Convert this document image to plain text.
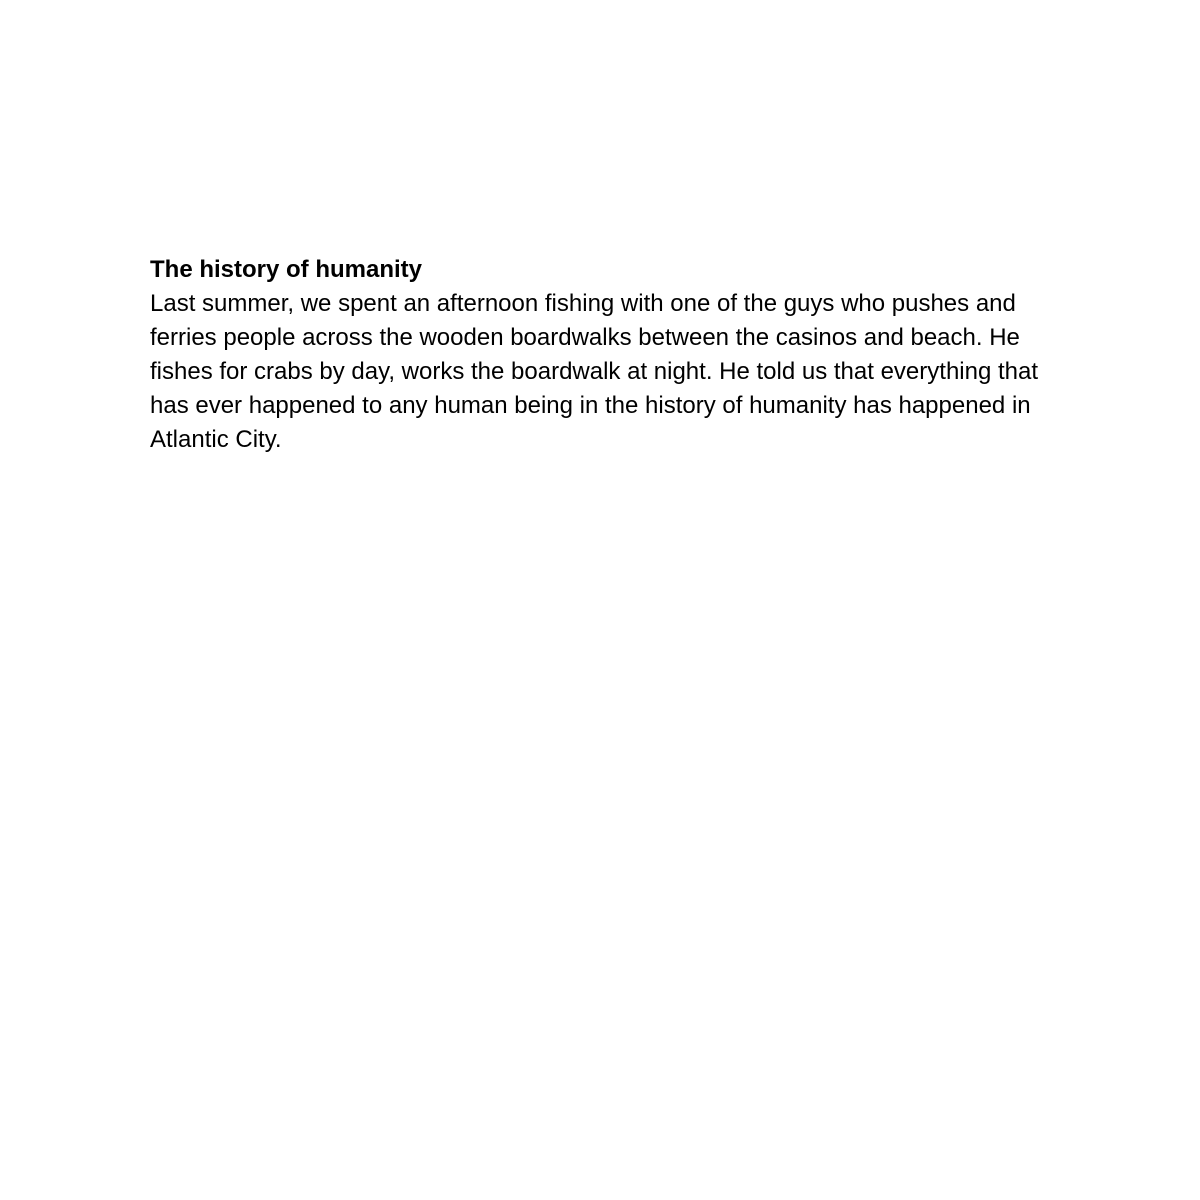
The history of humanity

Last summer, we spent an afternoon fishing with one of the guys who pushes and ferries people across the wooden boardwalks between the casinos and beach. He fishes for crabs by day, works the boardwalk at night. He told us that everything that has ever happened to any human being in the history of humanity has happened in Atlantic City.
